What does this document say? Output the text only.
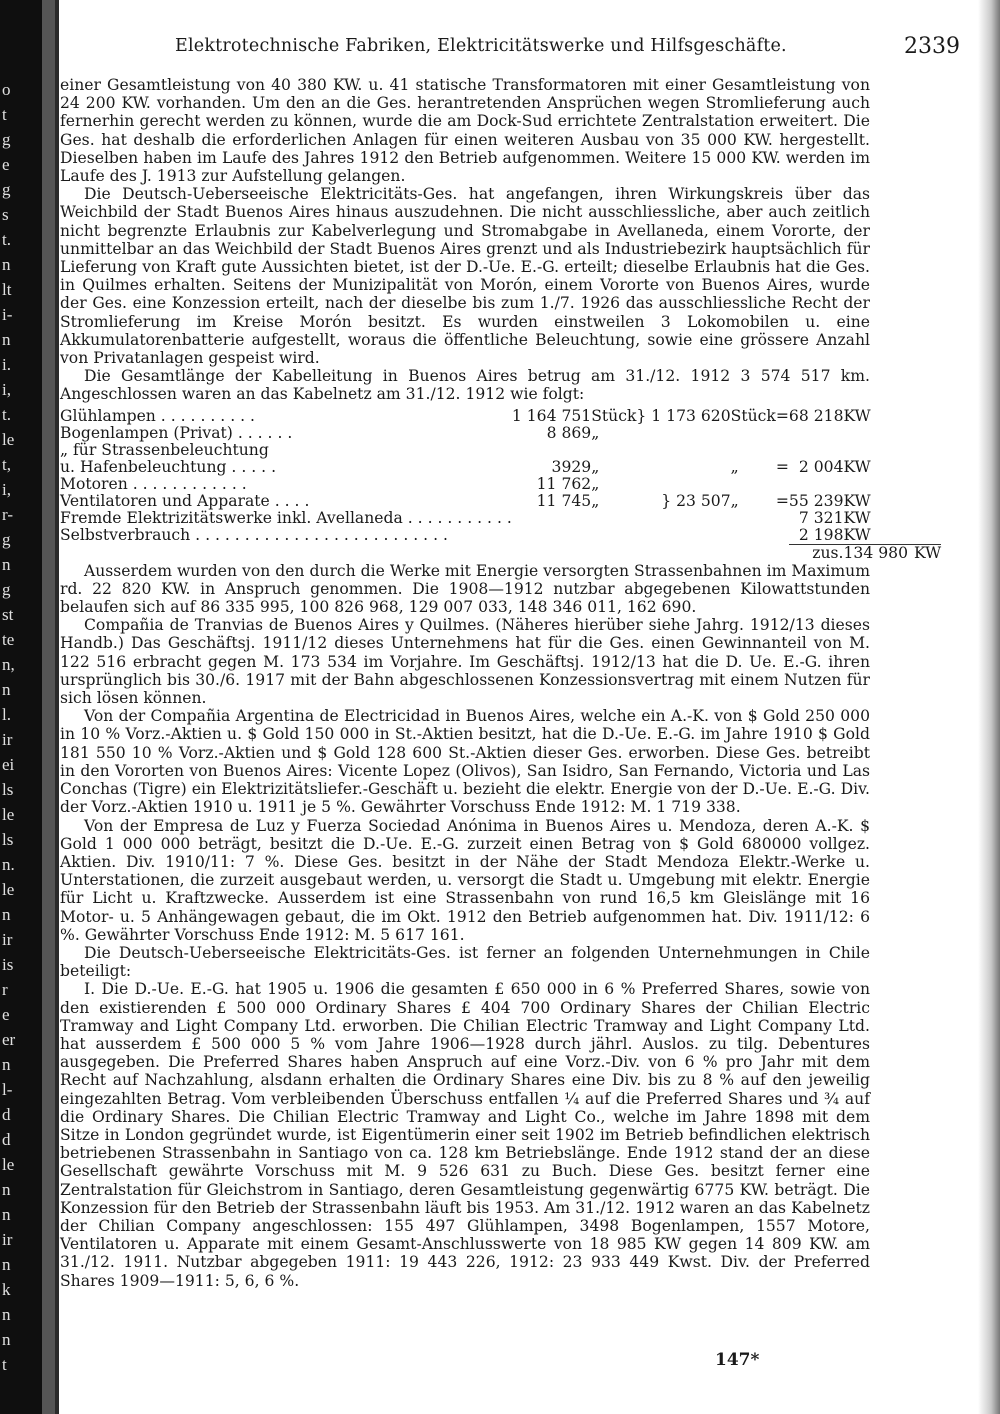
o
t
g
e
g
s
t.
n
lt
i-
n
i.
i,
t.
le
t,
i,
r-
g
n
g
st
te
n,
n
l.
ir
ei
ls
le
ls
n.
le
n
ir
is
r
e
er
n
l-
d
d
le
n
n
ir
n
k
n
n
t
Elektrotechnische Fabriken, Elektricitätswerke und Hilfsgeschäfte.	2339

einer Gesamtleistung von 40 380 KW. u. 41 statische Transformatoren mit einer Gesamtleistung von 24 200 KW. vorhanden. Um den an die Ges. herantretenden Ansprüchen wegen Stromlieferung auch fernerhin gerecht werden zu können, wurde die am Dock-Sud errichtete Zentralstation erweitert. Die Ges. hat deshalb die erforderlichen Anlagen für einen weiteren Ausbau von 35 000 KW. hergestellt. Dieselben haben im Laufe des Jahres 1912 den Betrieb aufgenommen. Weitere 15 000 KW. werden im Laufe des J. 1913 zur Aufstellung gelangen.

Die Deutsch-Ueberseeische Elektricitäts-Ges. hat angefangen, ihren Wirkungskreis über das Weichbild der Stadt Buenos Aires hinaus auszudehnen. Die nicht ausschliessliche, aber auch zeitlich nicht begrenzte Erlaubnis zur Kabelverlegung und Stromabgabe in Avellaneda, einem Vororte, der unmittelbar an das Weichbild der Stadt Buenos Aires grenzt und als Industriebezirk hauptsächlich für Lieferung von Kraft gute Aussichten bietet, ist der D.-Ue. E.-G. erteilt; dieselbe Erlaubnis hat die Ges. in Quilmes erhalten. Seitens der Munizipalität von Morón, einem Vororte von Buenos Aires, wurde der Ges. eine Konzession erteilt, nach der dieselbe bis zum 1./7. 1926 das ausschliessliche Recht der Stromlieferung im Kreise Morón besitzt. Es wurden einstweilen 3 Lokomobilen u. eine Akkumulatorenbatterie aufgestellt, woraus die öffentliche Beleuchtung, sowie eine grössere Anzahl von Privatanlagen gespeist wird.

Die Gesamtlänge der Kabelleitung in Buenos Aires betrug am 31./12. 1912 3 574 517 km. Angeschlossen waren an das Kabelnetz am 31./12. 1912 wie folgt:

Glühlampen . . . . . . . . . .	1 164 751	Stück	} 1 173 620	Stück	=	68 218	KW	
Bogenlampen (Privat) . . . . . .	8 869	„						
„ für Strassenbeleuchtung								
u. Hafenbeleuchtung . . . . .	3929	„		„	=	2 004	KW	
Motoren . . . . . . . . . . . .	11 762	„						
Ventilatoren und Apparate . . . .	11 745	„	} 23 507	„	=	55 239	KW	
Fremde Elektrizitätswerke inkl. Avellaneda . . . . . . . . . . .						7 321	KW	
Selbstverbrauch . . . . . . . . . . . . . . . . . . . . . . . . . .						2 198	KW	
						zus.	134 980	KW

Ausserdem wurden von den durch die Werke mit Energie versorgten Strassenbahnen im Maximum rd. 22 820 KW. in Anspruch genommen. Die 1908—1912 nutzbar abgegebenen Kilowattstunden belaufen sich auf 86 335 995, 100 826 968, 129 007 033, 148 346 011, 162 690.

Compañia de Tranvias de Buenos Aires y Quilmes. (Näheres hierüber siehe Jahrg. 1912/13 dieses Handb.) Das Geschäftsj. 1911/12 dieses Unternehmens hat für die Ges. einen Gewinnanteil von M. 122 516 erbracht gegen M. 173 534 im Vorjahre. Im Geschäftsj. 1912/13 hat die D. Ue. E.-G. ihren ursprünglich bis 30./6. 1917 mit der Bahn abgeschlossenen Konzessionsvertrag mit einem Nutzen für sich lösen können.

Von der Compañia Argentina de Electricidad in Buenos Aires, welche ein A.-K. von $ Gold 250 000 in 10 % Vorz.-Aktien u. $ Gold 150 000 in St.-Aktien besitzt, hat die D.-Ue. E.-G. im Jahre 1910 $ Gold 181 550 10 % Vorz.-Aktien und $ Gold 128 600 St.-Aktien dieser Ges. erworben. Diese Ges. betreibt in den Vororten von Buenos Aires: Vicente Lopez (Olivos), San Isidro, San Fernando, Victoria und Las Conchas (Tigre) ein Elektrizitätsliefer.-Geschäft u. bezieht die elektr. Energie von der D.-Ue. E.-G. Div. der Vorz.-Aktien 1910 u. 1911 je 5 %. Gewährter Vorschuss Ende 1912: M. 1 719 338.

Von der Empresa de Luz y Fuerza Sociedad Anónima in Buenos Aires u. Mendoza, deren A.-K. $ Gold 1 000 000 beträgt, besitzt die D.-Ue. E.-G. zurzeit einen Betrag von $ Gold 680000 vollgez. Aktien. Div. 1910/11: 7 %. Diese Ges. besitzt in der Nähe der Stadt Mendoza Elektr.-Werke u. Unterstationen, die zurzeit ausgebaut werden, u. versorgt die Stadt u. Umgebung mit elektr. Energie für Licht u. Kraftzwecke. Ausserdem ist eine Strassenbahn von rund 16,5 km Gleislänge mit 16 Motor- u. 5 Anhängewagen gebaut, die im Okt. 1912 den Betrieb aufgenommen hat. Div. 1911/12: 6 %. Gewährter Vorschuss Ende 1912: M. 5 617 161.

Die Deutsch-Ueberseeische Elektricitäts-Ges. ist ferner an folgenden Unternehmungen in Chile beteiligt:

I. Die D.-Ue. E.-G. hat 1905 u. 1906 die gesamten £ 650 000 in 6 % Preferred Shares, sowie von den existierenden £ 500 000 Ordinary Shares £ 404 700 Ordinary Shares der Chilian Electric Tramway and Light Company Ltd. erworben. Die Chilian Electric Tramway and Light Company Ltd. hat ausserdem £ 500 000 5 % vom Jahre 1906—1928 durch jährl. Auslos. zu tilg. Debentures ausgegeben. Die Preferred Shares haben Anspruch auf eine Vorz.-Div. von 6 % pro Jahr mit dem Recht auf Nachzahlung, alsdann erhalten die Ordinary Shares eine Div. bis zu 8 % auf den jeweilig eingezahlten Betrag. Vom verbleibenden Überschuss entfallen ¼ auf die Preferred Shares und ¾ auf die Ordinary Shares. Die Chilian Electric Tramway and Light Co., welche im Jahre 1898 mit dem Sitze in London gegründet wurde, ist Eigentümerin einer seit 1902 im Betrieb befindlichen elektrisch betriebenen Strassenbahn in Santiago von ca. 128 km Betriebslänge. Ende 1912 stand der an diese Gesellschaft gewährte Vorschuss mit M. 9 526 631 zu Buch. Diese Ges. besitzt ferner eine Zentralstation für Gleichstrom in Santiago, deren Gesamtleistung gegenwärtig 6775 KW. beträgt. Die Konzession für den Betrieb der Strassenbahn läuft bis 1953. Am 31./12. 1912 waren an das Kabelnetz der Chilian Company angeschlossen: 155 497 Glühlampen, 3498 Bogenlampen, 1557 Motore, Ventilatoren u. Apparate mit einem Gesamt-Anschlusswerte von 18 985 KW gegen 14 809 KW. am 31./12. 1911. Nutzbar abgegeben 1911: 19 443 226, 1912: 23 933 449 Kwst. Div. der Preferred Shares 1909—1911: 5, 6, 6 %.

147*
